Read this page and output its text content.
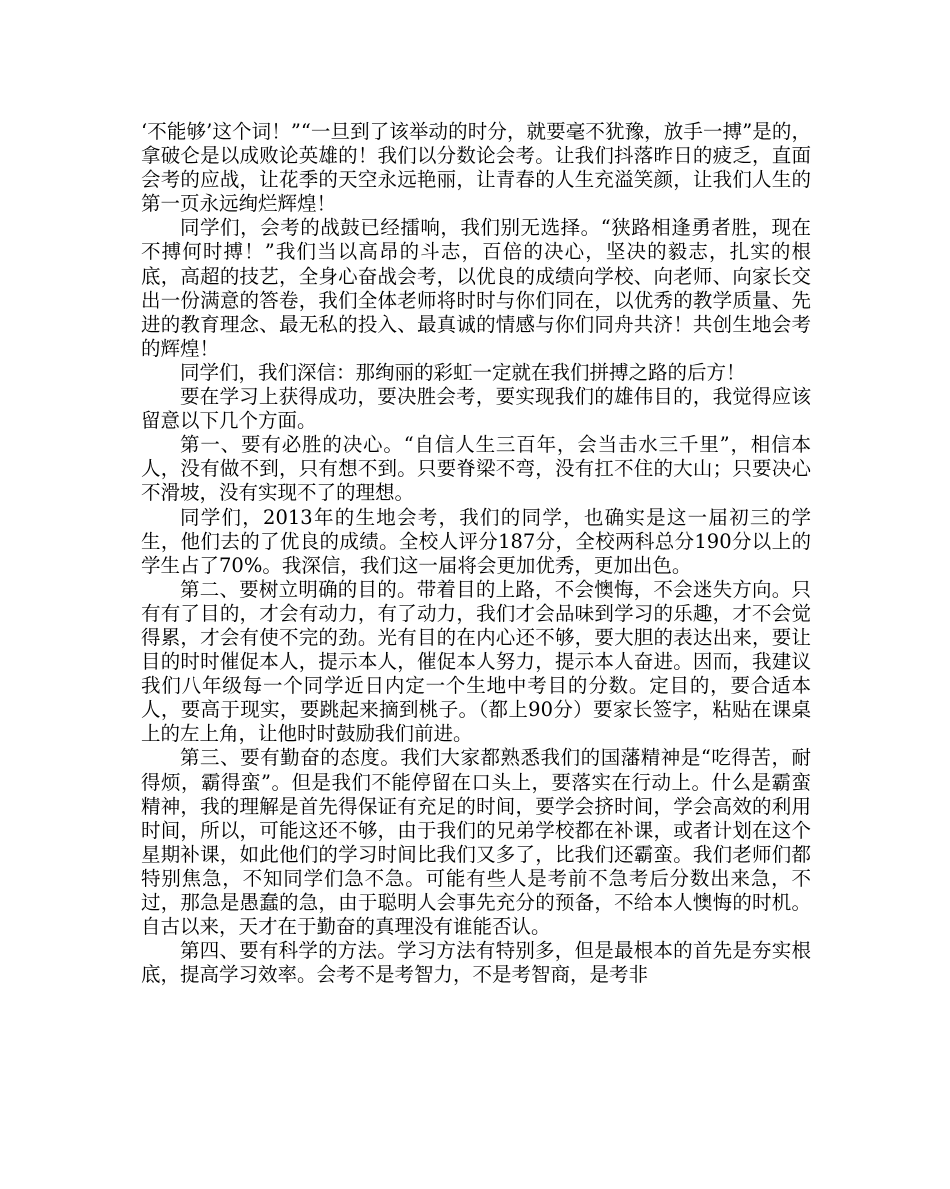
‘不能够’这个词！”“一旦到了该举动的时分，就要毫不犹豫，放手一搏”是的，拿破仑是以成败论英雄的！我们以分数论会考。让我们抖落昨日的疲乏，直面会考的应战，让花季的天空永远艳丽，让青春的人生充溢笑颜，让我们人生的第一页永远绚烂辉煌！

同学们，会考的战鼓已经擂响，我们别无选择。“狭路相逢勇者胜，现在不搏何时搏！”我们当以高昂的斗志，百倍的决心，坚决的毅志，扎实的根底，高超的技艺，全身心奋战会考，以优良的成绩向学校、向老师、向家长交出一份满意的答卷，我们全体老师将时时与你们同在，以优秀的教学质量、先进的教育理念、最无私的投入、最真诚的情感与你们同舟共济！共创生地会考的辉煌！

同学们，我们深信：那绚丽的彩虹一定就在我们拼搏之路的后方！

要在学习上获得成功，要决胜会考，要实现我们的雄伟目的，我觉得应该留意以下几个方面。

第一、要有必胜的决心。“自信人生三百年，会当击水三千里”，相信本人，没有做不到，只有想不到。只要脊梁不弯，没有扛不住的大山；只要决心不滑坡，没有实现不了的理想。

同学们，2013年的生地会考，我们的同学，也确实是这一届初三的学生，他们去的了优良的成绩。全校人评分187分，全校两科总分190分以上的学生占了70%。我深信，我们这一届将会更加优秀，更加出色。

第二、要树立明确的目的。带着目的上路，不会懊悔，不会迷失方向。只有有了目的，才会有动力，有了动力，我们才会品味到学习的乐趣，才不会觉得累，才会有使不完的劲。光有目的在内心还不够，要大胆的表达出来，要让目的时时催促本人，提示本人，催促本人努力，提示本人奋进。因而，我建议我们八年级每一个同学近日内定一个生地中考目的分数。定目的，要合适本人，要高于现实，要跳起来摘到桃子。（都上90分）要家长签字，粘贴在课桌上的左上角，让他时时鼓励我们前进。

第三、要有勤奋的态度。我们大家都熟悉我们的国藩精神是“吃得苦，耐得烦，霸得蛮”。但是我们不能停留在口头上，要落实在行动上。什么是霸蛮精神，我的理解是首先得保证有充足的时间，要学会挤时间，学会高效的利用时间，所以，可能这还不够，由于我们的兄弟学校都在补课，或者计划在这个星期补课，如此他们的学习时间比我们又多了，比我们还霸蛮。我们老师们都特别焦急，不知同学们急不急。可能有些人是考前不急考后分数出来急，不过，那急是愚蠢的急，由于聪明人会事先充分的预备，不给本人懊悔的时机。自古以来，天才在于勤奋的真理没有谁能否认。

第四、要有科学的方法。学习方法有特别多，但是最根本的首先是夯实根底，提高学习效率。会考不是考智力，不是考智商，是考非
